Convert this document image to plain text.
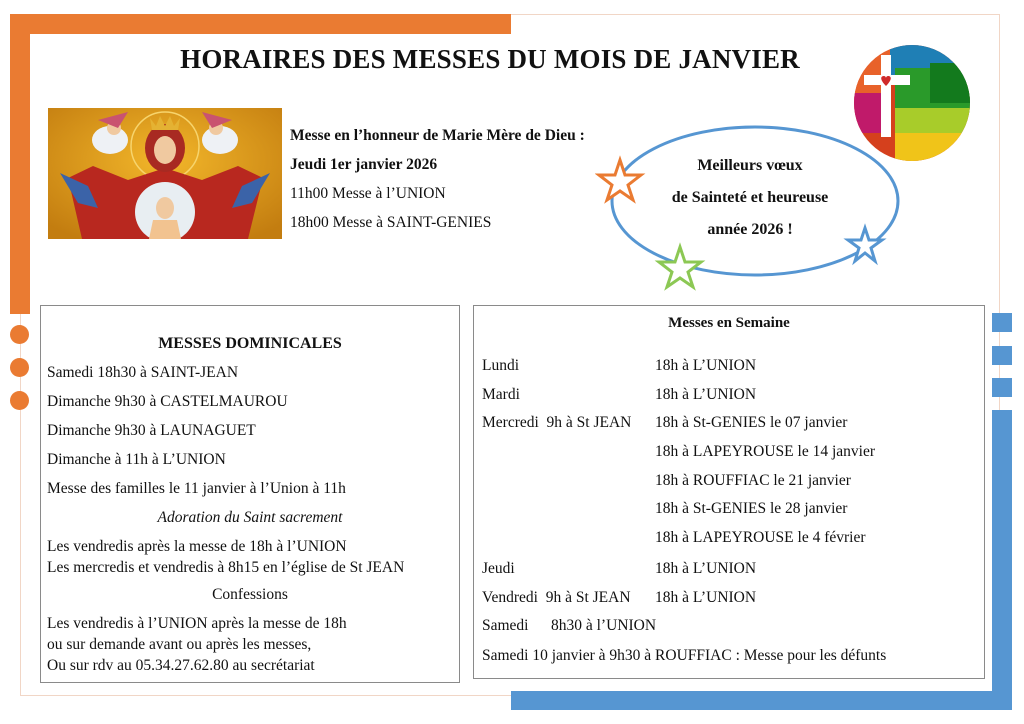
HORAIRES DES MESSES DU MOIS DE JANVIER
Messe en l’honneur de Marie Mère de Dieu :
Jeudi 1er janvier 2026
11h00 Messe à l’UNION
18h00 Messe à SAINT-GENIES
Meilleurs vœux
de Sainteté et heureuse
année 2026 !
MESSES DOMINICALES
Samedi 18h30 à SAINT-JEAN
Dimanche 9h30 à CASTELMAUROU
Dimanche 9h30 à LAUNAGUET
Dimanche à 11h à L’UNION
Messe des familles le 11 janvier à l’Union à 11h
Adoration du Saint sacrement
Les vendredis après la messe de 18h à l’UNION
Les mercredis et vendredis à 8h15 en l’église de St JEAN
Confessions
Les vendredis à l’UNION après la messe de 18h
ou sur demande avant ou après les messes,
Ou sur rdv au 05.34.27.62.80 au secrétariat
Messes en Semaine
Lundi	18h à L’UNION
Mardi	18h à L’UNION
Mercredi  9h à St JEAN 18h à St-GENIES le 07 janvier
18h à LAPEYROUSE le 14 janvier
18h à ROUFFIAC le 21 janvier
18h à St-GENIES le 28 janvier
18h à LAPEYROUSE le 4 février
Jeudi	18h à L’UNION
Vendredi  9h à St JEAN 18h à L’UNION
Samedi 8h30 à l’UNION
Samedi 10 janvier à 9h30 à ROUFFIAC : Messe pour les défunts
